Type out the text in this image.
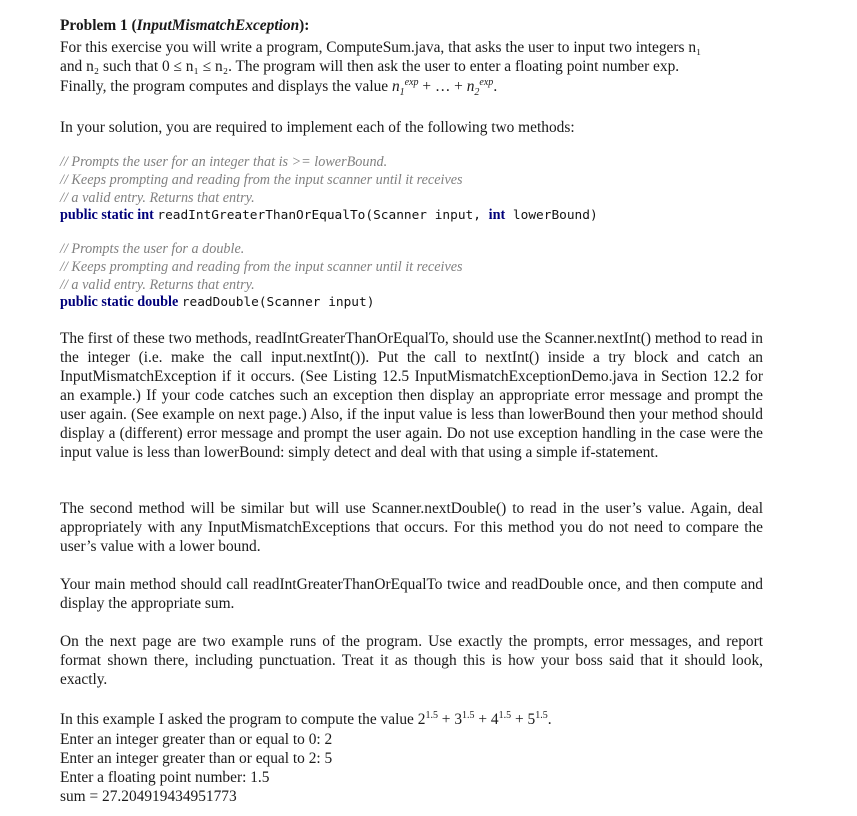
Problem 1 (InputMismatchException):
For this exercise you will write a program, ComputeSum.java, that asks the user to input two integers n₁
and n₂ such that 0 ≤ n₁ ≤ n₂. The program will then ask the user to enter a floating point number exp.
Finally, the program computes and displays the value $n_1^{exp}$ + … + $n_2^{exp}$.
In your solution, you are required to implement each of the following two methods:
// Prompts the user for an integer that is >= lowerBound.
// Keeps prompting and reading from the input scanner until it receives
// a valid entry. Returns that entry.
public static int readIntGreaterThanOrEqualTo(Scanner input, int lowerBound)
// Prompts the user for a double.
// Keeps prompting and reading from the input scanner until it receives
// a valid entry. Returns that entry.
public static double readDouble(Scanner input)
The first of these two methods, readIntGreaterThanOrEqualTo, should use the Scanner.nextInt() method to read in the integer (i.e. make the call input.nextInt()). Put the call to nextInt() inside a try block and catch an InputMismatchException if it occurs. (See Listing 12.5 InputMismatchExceptionDemo.java in Section 12.2 for an example.) If your code catches such an exception then display an appropriate error message and prompt the user again. (See example on next page.) Also, if the input value is less than lowerBound then your method should display a (different) error message and prompt the user again. Do not use exception handling in the case were the input value is less than lowerBound: simply detect and deal with that using a simple if-statement.
The second method will be similar but will use Scanner.nextDouble() to read in the user’s value. Again, deal appropriately with any InputMismatchExceptions that occurs. For this method you do not need to compare the user’s value with a lower bound.
Your main method should call readIntGreaterThanOrEqualTo twice and readDouble once, and then compute and display the appropriate sum.
On the next page are two example runs of the program. Use exactly the prompts, error messages, and report format shown there, including punctuation. Treat it as though this is how your boss said that it should look, exactly.
In this example I asked the program to compute the value $2^{1.5} + 3^{1.5} + 4^{1.5} + 5^{1.5}$.
Enter an integer greater than or equal to 0: 2
Enter an integer greater than or equal to 2: 5
Enter a floating point number: 1.5
sum = 27.204919434951773
